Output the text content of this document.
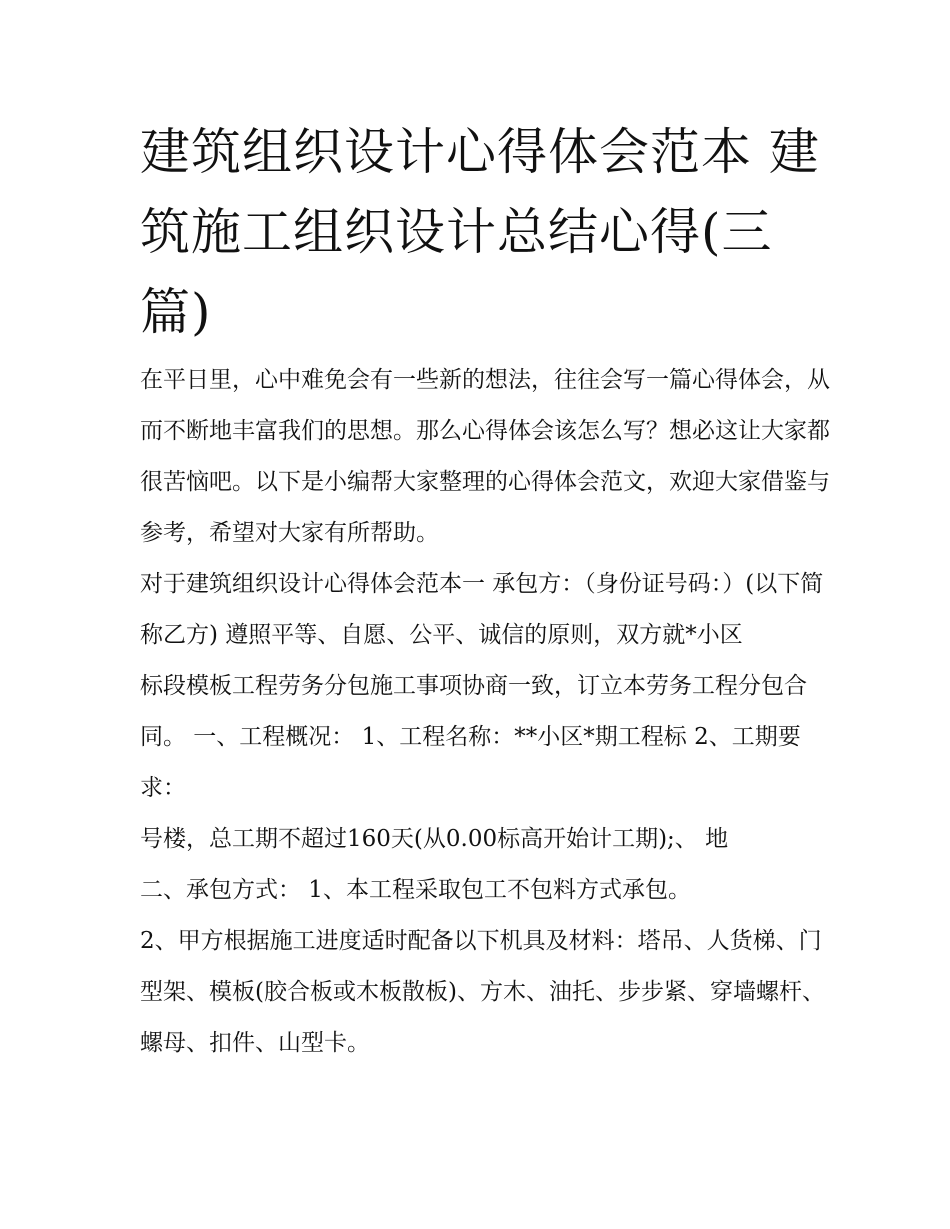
建筑组织设计心得体会范本 建筑施工组织设计总结心得(三篇)

在平日里，心中难免会有一些新的想法，往往会写一篇心得体会，从而不断地丰富我们的思想。那么心得体会该怎么写？想必这让大家都很苦恼吧。以下是小编帮大家整理的心得体会范文，欢迎大家借鉴与参考，希望对大家有所帮助。

对于建筑组织设计心得体会范本一 承包方：（身份证号码：）(以下简称乙方) 遵照平等、自愿、公平、诚信的原则，双方就*小区

标段模板工程劳务分包施工事项协商一致，订立本劳务工程分包合同。 一、工程概况： 1、工程名称：**小区*期工程标 2、工期要求：

号楼，总工期不超过160天(从0.00标高开始计工期);、 地

二、承包方式： 1、本工程采取包工不包料方式承包。

2、甲方根据施工进度适时配备以下机具及材料：塔吊、人货梯、门型架、模板(胶合板或木板散板)、方木、油托、步步紧、穿墙螺杆、螺母、扣件、山型卡。
